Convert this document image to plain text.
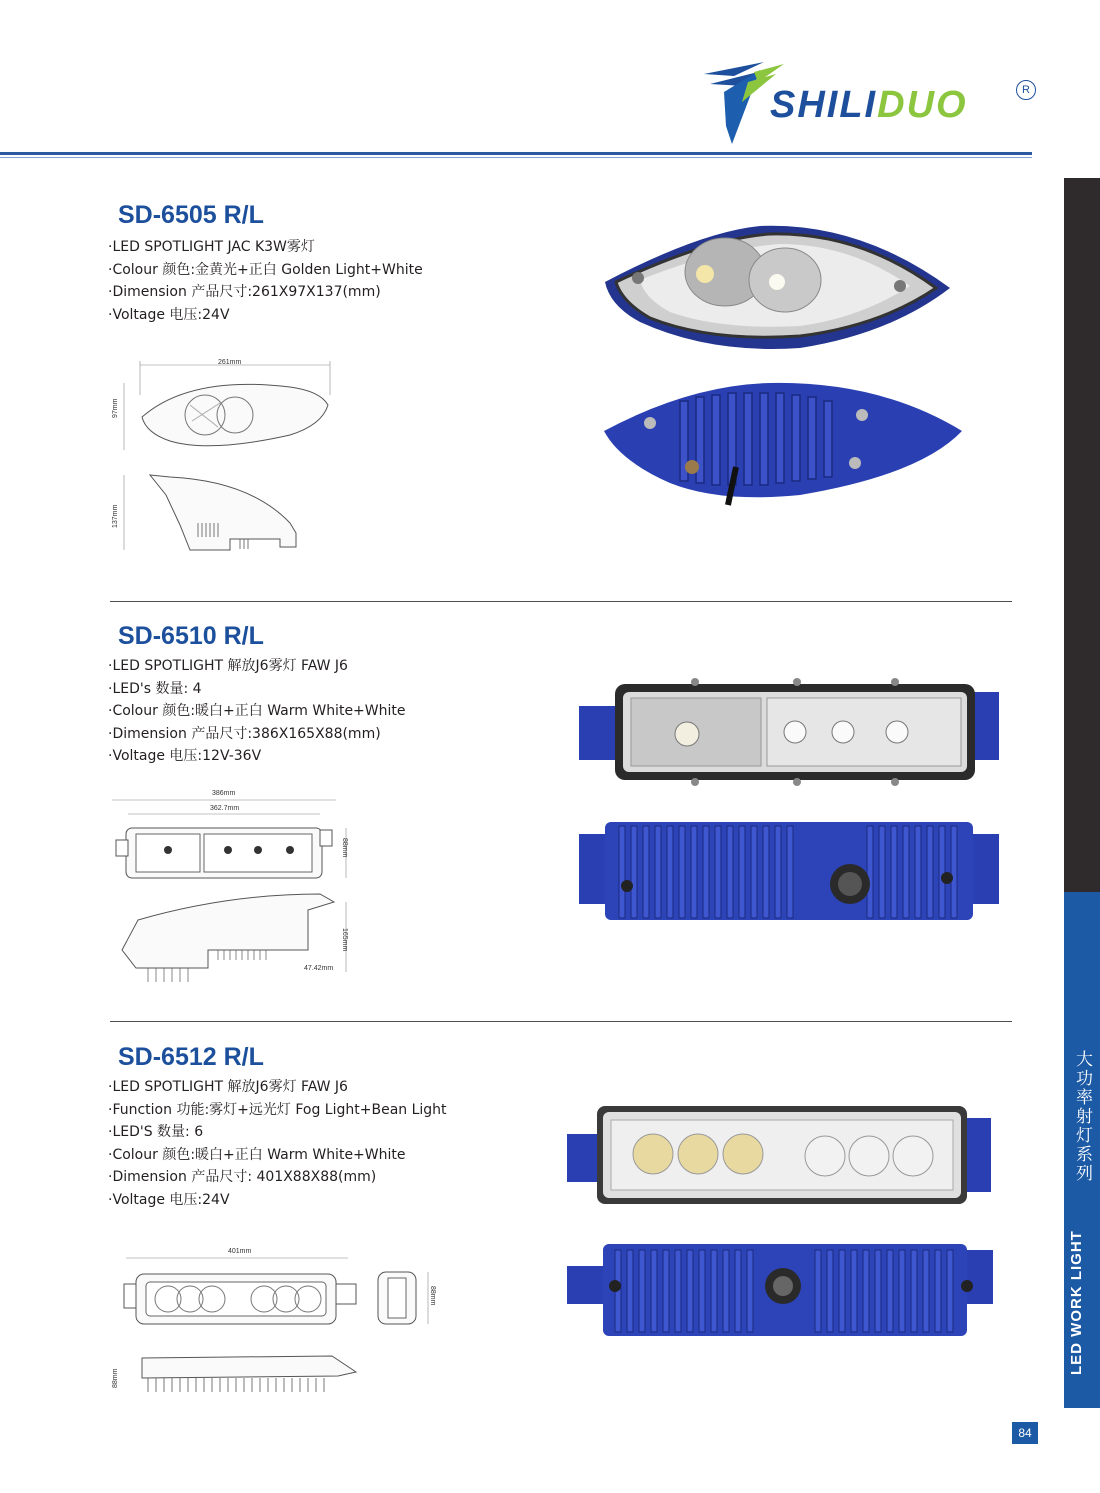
SHILIDUO	R
大功率射灯系列
LED WORK LIGHT
SD-6505 R/L
·LED SPOTLIGHT JAC K3W雾灯
·Colour 颜色:金黄光+正白 Golden Light+White
·Dimension 产品尺寸:261X97X137(mm)
·Voltage 电压:24V
261mm
97mm
137mm
SD-6510 R/L
·LED SPOTLIGHT 解放J6雾灯 FAW J6
·LED's 数量: 4
·Colour 颜色:暖白+正白 Warm White+White
·Dimension 产品尺寸:386X165X88(mm)
·Voltage 电压:12V-36V
386mm
362.7mm
88mm
165mm
47.42mm
SD-6512 R/L
·LED SPOTLIGHT 解放J6雾灯 FAW J6
·Function 功能:雾灯+远光灯 Fog Light+Bean Light
·LED'S 数量: 6
·Colour 颜色:暖白+正白 Warm White+White
·Dimension 产品尺寸: 401X88X88(mm)
·Voltage 电压:24V
401mm
88mm
88mm
84
